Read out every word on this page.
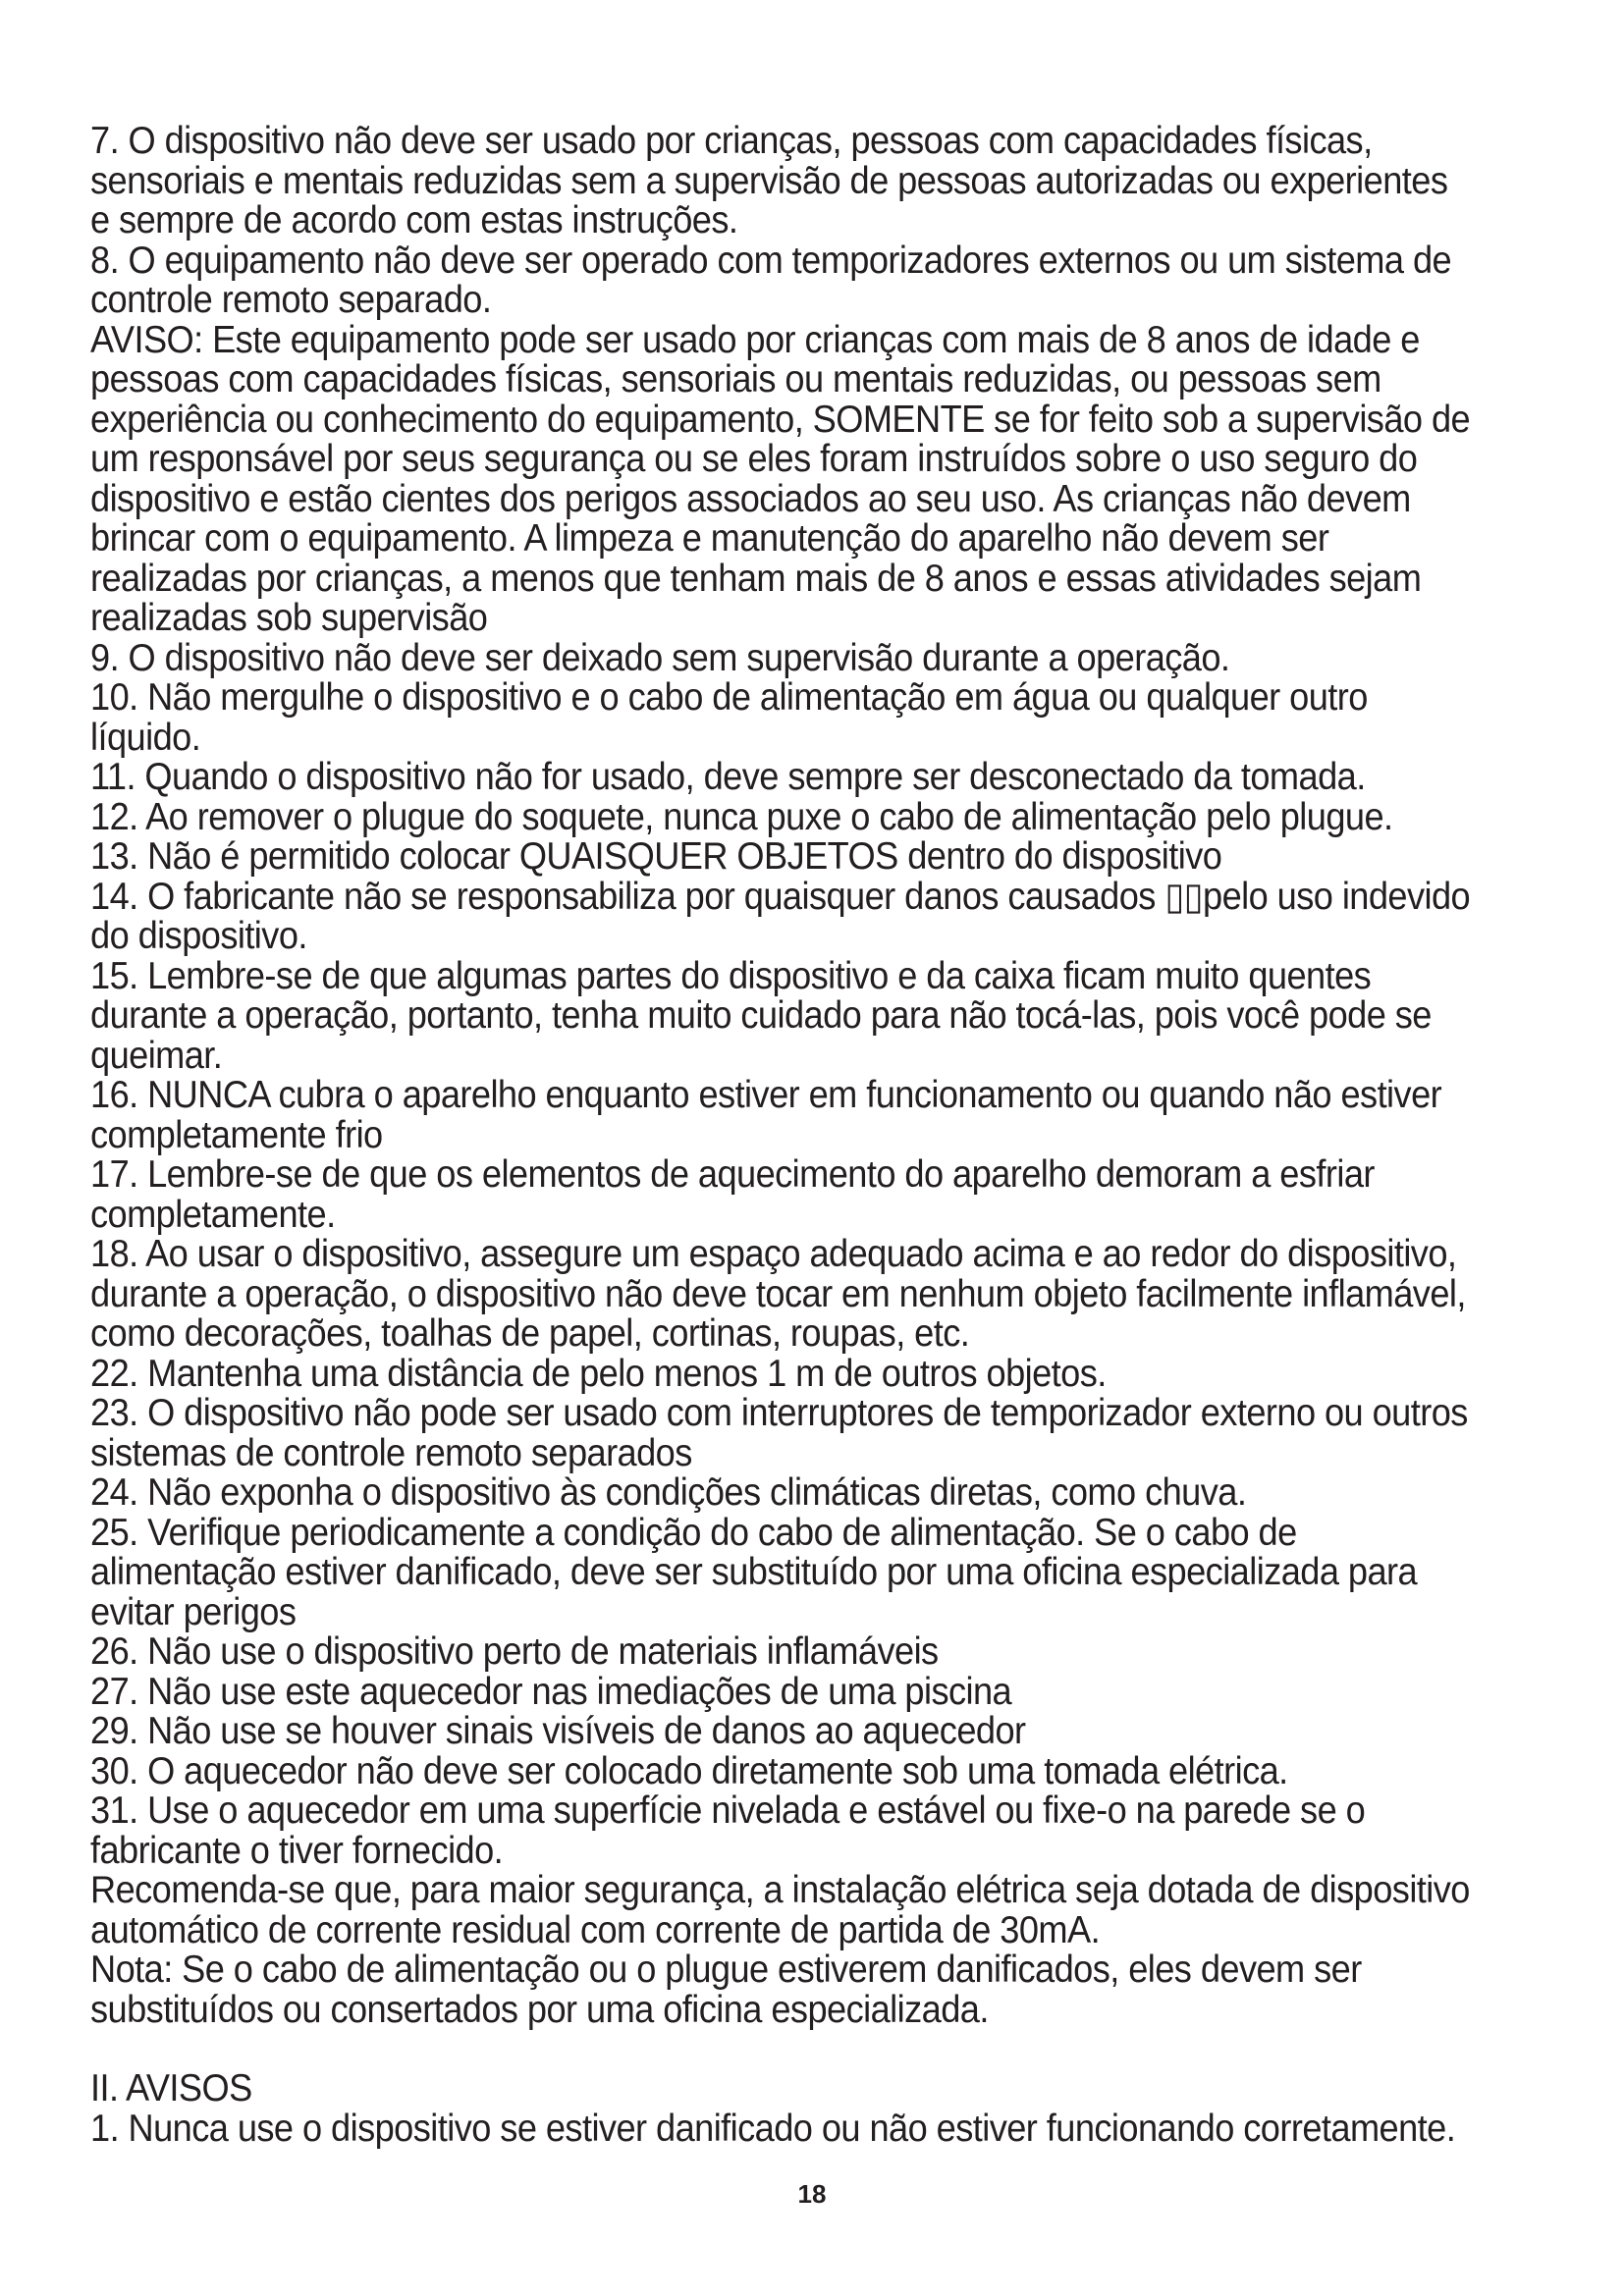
7. O dispositivo não deve ser usado por crianças, pessoas com capacidades físicas,
sensoriais e mentais reduzidas sem a supervisão de pessoas autorizadas ou experientes
e sempre de acordo com estas instruções.

8. O equipamento não deve ser operado com temporizadores externos ou um sistema de
controle remoto separado.

AVISO: Este equipamento pode ser usado por crianças com mais de 8 anos de idade e
pessoas com capacidades físicas, sensoriais ou mentais reduzidas, ou pessoas sem
experiência ou conhecimento do equipamento, SOMENTE se for feito sob a supervisão de
um responsável por seus segurança ou se eles foram instruídos sobre o uso seguro do
dispositivo e estão cientes dos perigos associados ao seu uso. As crianças não devem
brincar com o equipamento. A limpeza e manutenção do aparelho não devem ser
realizadas por crianças, a menos que tenham mais de 8 anos e essas atividades sejam
realizadas sob supervisão

9. O dispositivo não deve ser deixado sem supervisão durante a operação.

10. Não mergulhe o dispositivo e o cabo de alimentação em água ou qualquer outro
líquido.

11. Quando o dispositivo não for usado, deve sempre ser desconectado da tomada.

12. Ao remover o plugue do soquete, nunca puxe o cabo de alimentação pelo plugue.

13. Não é permitido colocar QUAISQUER OBJETOS dentro do dispositivo

14. O fabricante não se responsabiliza por quaisquer danos causados ▯▯pelo uso indevido
do dispositivo.

15. Lembre-se de que algumas partes do dispositivo e da caixa ficam muito quentes
durante a operação, portanto, tenha muito cuidado para não tocá-las, pois você pode se
queimar.

16. NUNCA cubra o aparelho enquanto estiver em funcionamento ou quando não estiver
completamente frio

17. Lembre-se de que os elementos de aquecimento do aparelho demoram a esfriar
completamente.

18. Ao usar o dispositivo, assegure um espaço adequado acima e ao redor do dispositivo,
durante a operação, o dispositivo não deve tocar em nenhum objeto facilmente inflamável,
como decorações, toalhas de papel, cortinas, roupas, etc.

22. Mantenha uma distância de pelo menos 1 m de outros objetos.

23. O dispositivo não pode ser usado com interruptores de temporizador externo ou outros
sistemas de controle remoto separados

24. Não exponha o dispositivo às condições climáticas diretas, como chuva.

25. Verifique periodicamente a condição do cabo de alimentação. Se o cabo de
alimentação estiver danificado, deve ser substituído por uma oficina especializada para
evitar perigos

26. Não use o dispositivo perto de materiais inflamáveis

27. Não use este aquecedor nas imediações de uma piscina

29. Não use se houver sinais visíveis de danos ao aquecedor

30. O aquecedor não deve ser colocado diretamente sob uma tomada elétrica.

31. Use o aquecedor em uma superfície nivelada e estável ou fixe-o na parede se o
fabricante o tiver fornecido.

Recomenda-se que, para maior segurança, a instalação elétrica seja dotada de dispositivo
automático de corrente residual com corrente de partida de 30mA.

Nota: Se o cabo de alimentação ou o plugue estiverem danificados, eles devem ser
substituídos ou consertados por uma oficina especializada.

II. AVISOS

1. Nunca use o dispositivo se estiver danificado ou não estiver funcionando corretamente.

18
